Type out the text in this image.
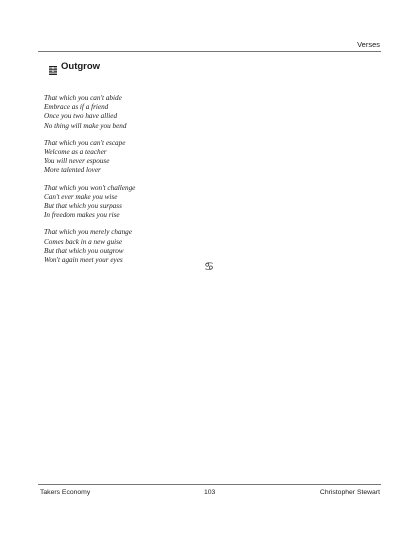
Verses
Outgrow

That which you can't abide
Embrace as if a friend
Once you two have allied
No thing will make you bend

That which you can't escape
Welcome as a teacher
You will never espouse
More talented lover

That which you won't challenge
Can't ever make you wise
But that which you surpass
In freedom makes you rise

That which you merely change
Comes back in a new guise
But that which you outgrow
Won't again meet your eyes	♋
Takers Economy	103	Christopher Stewart
